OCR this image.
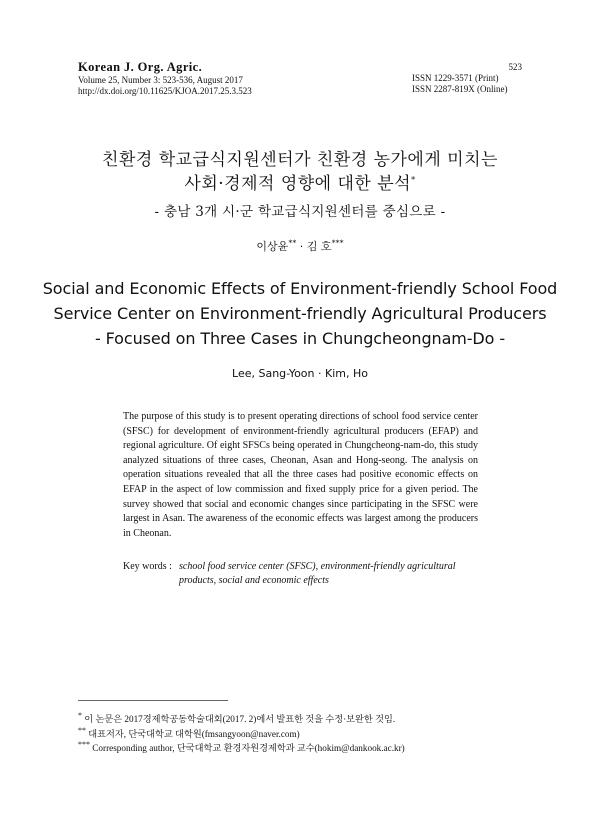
Korean J. Org. Agric.
Volume 25, Number 3: 523-536, August 2017
http://dx.doi.org/10.11625/KJOA.2017.25.3.523
523
ISSN 1229-3571 (Print)
ISSN 2287-819X (Online)
친환경 학교급식지원센터가 친환경 농가에게 미치는
사회·경제적 영향에 대한 분석*
- 충남 3개 시·군 학교급식지원센터를 중심으로 -
이상윤** · 김 호***
Social and Economic Effects of Environment-friendly School Food
Service Center on Environment-friendly Agricultural Producers
- Focused on Three Cases in Chungcheongnam-Do -
Lee, Sang-Yoon · Kim, Ho
The purpose of this study is to present operating directions of school food service center (SFSC) for development of environment-friendly agricultural producers (EFAP) and regional agriculture. Of eight SFSCs being operated in Chungcheong-nam-do, this study analyzed situations of three cases, Cheonan, Asan and Hong-seong. The analysis on operation situations revealed that all the three cases had positive economic effects on EFAP in the aspect of low commission and fixed supply price for a given period. The survey showed that social and economic changes since participating in the SFSC were largest in Asan. The awareness of the economic effects was largest among the producers in Cheonan.
Key words : school food service center (SFSC), environment-friendly agricultural products, social and economic effects
* 이 논문은 2017경제학공동학술대회(2017. 2)에서 발표한 것을 수정·보완한 것임.
** 대표저자, 단국대학교 대학원(fmsangyoon@naver.com)
*** Corresponding author, 단국대학교 환경자원경제학과 교수(hokim@dankook.ac.kr)
